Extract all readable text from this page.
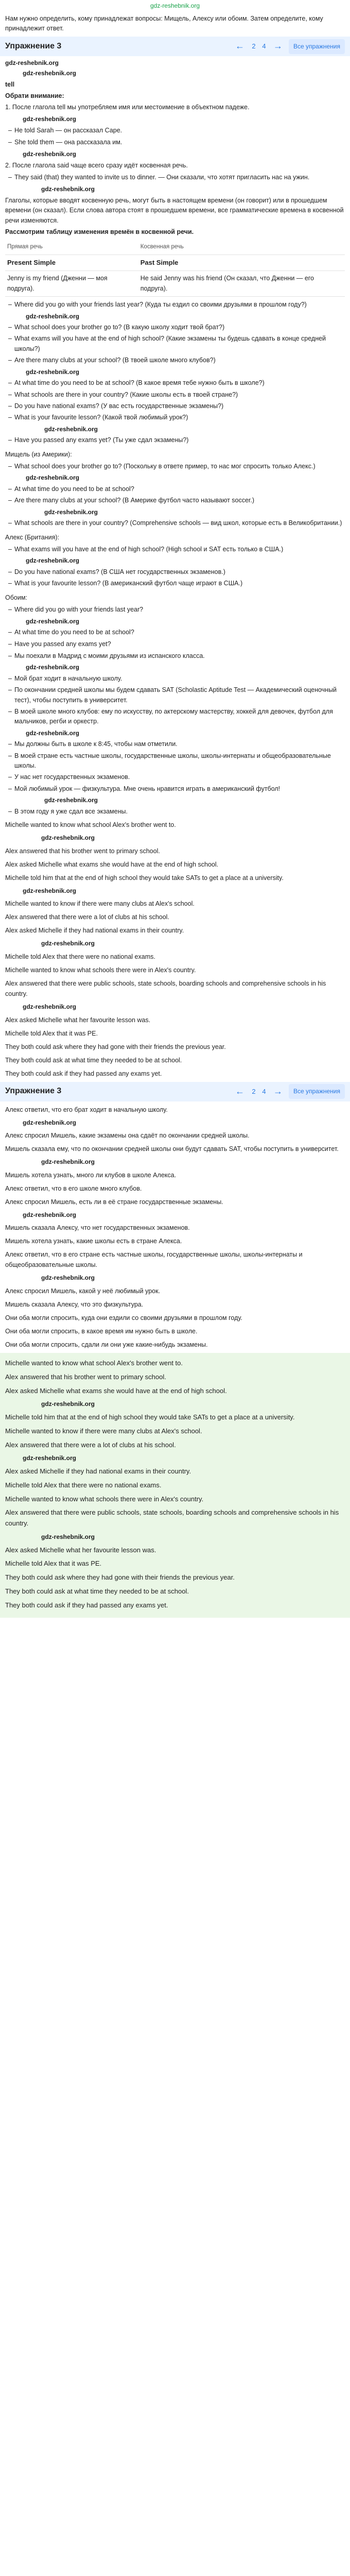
gdz-reshebnik.org

Нам нужно определить, кому принадлежат вопросы: Мищель, Алексу или обоим. Затем определите, кому принадлежит ответ.

Упражнение 3	←	2 4 →	Все упражнения
gdz-reshebnik.org
gdz-reshebnik.org

tell

Обрати внимание:

1. После глагола tell мы употребляем имя или местоимение в объектном падеже.

gdz-reshebnik.org
– He told Sarah — он рассказал Саре.
– She told them — она рассказала им.
gdz-reshebnik.org

2. После глагола said чаще всего сразу идёт косвенная речь.

– They said (that) they wanted to invite us to dinner. — Они сказали, что хотят пригласить нас на ужин.
gdz-reshebnik.org

Глаголы, которые вводят косвенную речь, могут быть в настоящем времени (он говорит) или в прошедшем времени (он сказал). Если слова автора стоят в прошедшем времени, все грамматические времена в косвенной речи изменяются.

Рассмотрим таблицу изменения времён в косвенной речи.

Прямая речь	Косвенная речь
Present Simple	Past Simple
Jenny is my friend (Дженни — моя подруга).	He said Jenny was his friend (Он сказал, что Дженни — его подруга).
– Where did you go with your friends last year? (Куда ты ездил со своими друзьями в прошлом году?)
gdz-reshebnik.org
– What school does your brother go to? (В какую школу ходит твой брат?)
– What exams will you have at the end of high school? (Какие экзамены ты будешь сдавать в конце средней школы?)
– Are there many clubs at your school? (В твоей школе много клубов?)
gdz-reshebnik.org
– At what time do you need to be at school? (В какое время тебе нужно быть в школе?)
– What schools are there in your country? (Какие школы есть в твоей стране?)
– Do you have national exams? (У вас есть государственные экзамены?)
– What is your favourite lesson? (Какой твой любимый урок?)
gdz-reshebnik.org
– Have you passed any exams yet? (Ты уже сдал экзамены?)

Мищель (из Америки):

– What school does your brother go to? (Поскольку в ответе пример, то нас мог спросить только Алекс.)
gdz-reshebnik.org
– At what time do you need to be at school?
– Are there many clubs at your school? (В Америке футбол часто называют soccer.)
gdz-reshebnik.org
– What schools are there in your country? (Comprehensive schools — вид школ, которые есть в Великобритании.)

Алекс (Британия):

– What exams will you have at the end of high school? (High school и SAT есть только в США.)
gdz-reshebnik.org
– Do you have national exams? (В США нет государственных экзаменов.)
– What is your favourite lesson? (В американский футбол чаще играют в США.)

Обоим:

– Where did you go with your friends last year?
gdz-reshebnik.org
– At what time do you need to be at school?
– Have you passed any exams yet?
– Мы поехали в Мадрид с моими друзьями из испанского класса.
gdz-reshebnik.org
– Мой брат ходит в начальную школу.
– По окончании средней школы мы будем сдавать SAT (Scholastic Aptitude Test — Академический оценочный тест), чтобы поступить в университет.
– В моей школе много клубов: ему по искусству, по актерскому мастерству, хоккей для девочек, футбол для мальчиков, регби и оркестр.
gdz-reshebnik.org
– Мы должны быть в школе к 8:45, чтобы нам отметили.
– В моей стране есть частные школы, государственные школы, школы-интернаты и общеобразовательные школы.
– У нас нет государственных экзаменов.
– Мой любимый урок — физкультура. Мне очень нравится играть в американский футбол!
gdz-reshebnik.org
– В этом году я уже сдал все экзамены.

Michelle wanted to know what school Alex's brother went to.

gdz-reshebnik.org

Alex answered that his brother went to primary school.

Alex asked Michelle what exams she would have at the end of high school.

Michelle told him that at the end of high school they would take SATs to get a place at a university.

gdz-reshebnik.org

Michelle wanted to know if there were many clubs at Alex's school.

Alex answered that there were a lot of clubs at his school.

Alex asked Michelle if they had national exams in their country.

gdz-reshebnik.org

Michelle told Alex that there were no national exams.

Michelle wanted to know what schools there were in Alex's country.

Alex answered that there were public schools, state schools, boarding schools and comprehensive schools in his country.

gdz-reshebnik.org

Alex asked Michelle what her favourite lesson was.

Michelle told Alex that it was PE.

They both could ask where they had gone with their friends the previous year.

They both could ask at what time they needed to be at school.

They both could ask if they had passed any exams yet.

Упражнение 3	←	2 4 →	Все упражнения

Алекс ответил, что его брат ходит в начальную школу.

gdz-reshebnik.org

Алекс спросил Мишель, какие экзамены она сдаёт по окончании средней школы.

Мишель сказала ему, что по окончании средней школы они будут сдавать SAT, чтобы поступить в университет.

gdz-reshebnik.org

Мишель хотела узнать, много ли клубов в школе Алекса.

Алекс ответил, что в его школе много клубов.

Алекс спросил Мишель, есть ли в её стране государственные экзамены.

gdz-reshebnik.org

Мишель сказала Алексу, что нет государственных экзаменов.

Мишель хотела узнать, какие школы есть в стране Алекса.

Алекс ответил, что в его стране есть частные школы, государственные школы, школы-интернаты и общеобразовательные школы.

gdz-reshebnik.org

Алекс спросил Мишель, какой у неё любимый урок.

Мишель сказала Алексу, что это физкультура.

Они оба могли спросить, куда они ездили со своими друзьями в прошлом году.

Они оба могли спросить, в какое время им нужно быть в школе.

Они оба могли спросить, сдали ли они уже какие-нибудь экзамены.

Michelle wanted to know what school Alex's brother went to.

Alex answered that his brother went to primary school.

Alex asked Michelle what exams she would have at the end of high school.

gdz-reshebnik.org

Michelle told him that at the end of high school they would take SATs to get a place at a university.

Michelle wanted to know if there were many clubs at Alex's school.

Alex answered that there were a lot of clubs at his school.

gdz-reshebnik.org

Alex asked Michelle if they had national exams in their country.

Michelle told Alex that there were no national exams.

Michelle wanted to know what schools there were in Alex's country.

Alex answered that there were public schools, state schools, boarding schools and comprehensive schools in his country.

gdz-reshebnik.org

Alex asked Michelle what her favourite lesson was.

Michelle told Alex that it was PE.

They both could ask where they had gone with their friends the previous year.

They both could ask at what time they needed to be at school.

They both could ask if they had passed any exams yet.
